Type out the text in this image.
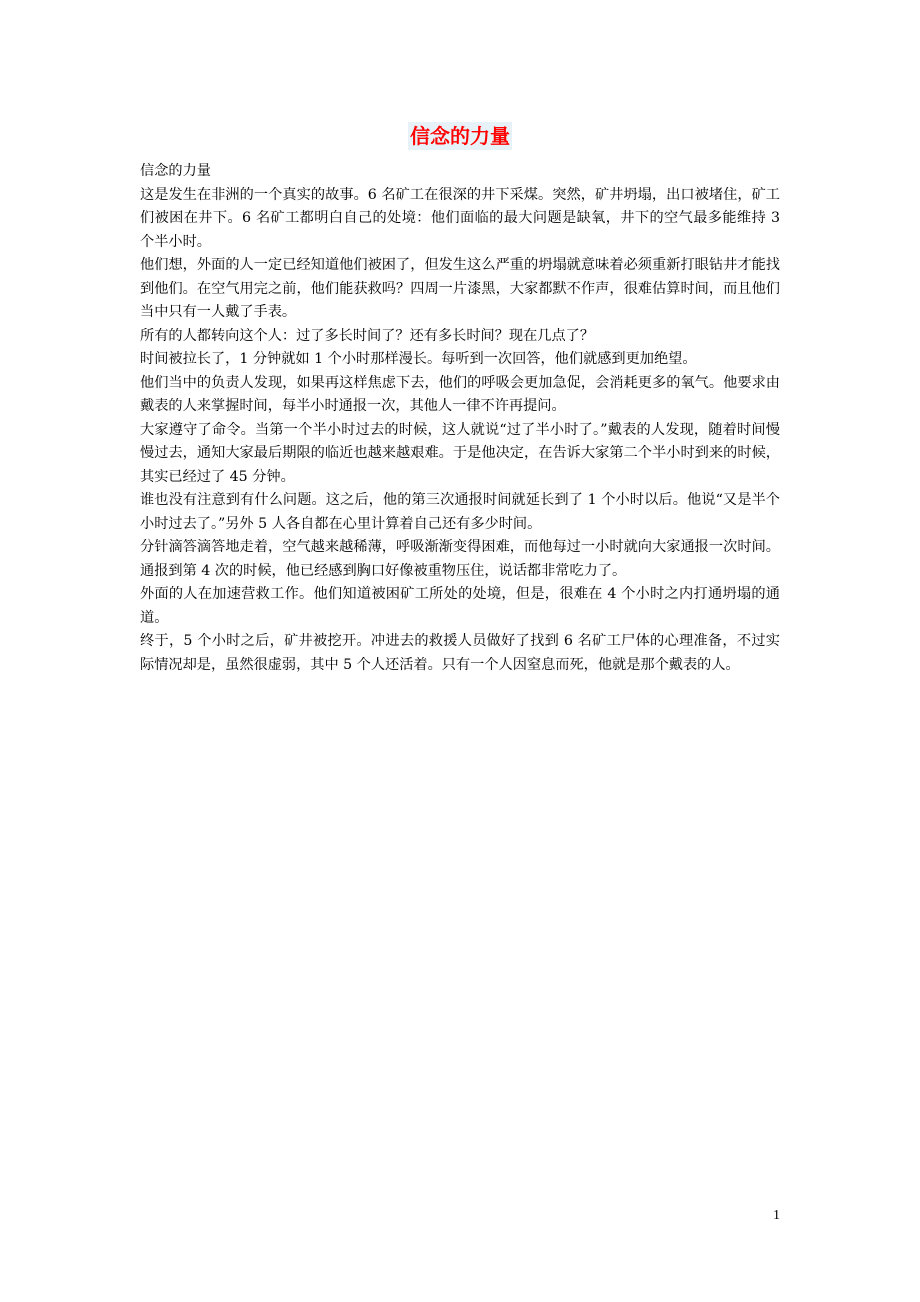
信念的力量

信念的力量

这是发生在非洲的一个真实的故事。6 名矿工在很深的井下采煤。突然，矿井坍塌，出口被堵住，矿工们被困在井下。6 名矿工都明白自己的处境：他们面临的最大问题是缺氧，井下的空气最多能维持 3 个半小时。

他们想，外面的人一定已经知道他们被困了，但发生这么严重的坍塌就意味着必须重新打眼钻井才能找到他们。在空气用完之前，他们能获救吗？四周一片漆黑，大家都默不作声，很难估算时间，而且他们当中只有一人戴了手表。

所有的人都转向这个人：过了多长时间了？还有多长时间？现在几点了？

时间被拉长了，1 分钟就如 1 个小时那样漫长。每听到一次回答，他们就感到更加绝望。

他们当中的负责人发现，如果再这样焦虑下去，他们的呼吸会更加急促，会消耗更多的氧气。他要求由戴表的人来掌握时间，每半小时通报一次，其他人一律不许再提问。

大家遵守了命令。当第一个半小时过去的时候，这人就说“过了半小时了。”戴表的人发现，随着时间慢慢过去，通知大家最后期限的临近也越来越艰难。于是他决定，在告诉大家第二个半小时到来的时候，其实已经过了 45 分钟。

谁也没有注意到有什么问题。这之后，他的第三次通报时间就延长到了 1 个小时以后。他说“又是半个小时过去了。”另外 5 人各自都在心里计算着自己还有多少时间。

分针滴答滴答地走着，空气越来越稀薄，呼吸渐渐变得困难，而他每过一小时就向大家通报一次时间。通报到第 4 次的时候，他已经感到胸口好像被重物压住，说话都非常吃力了。

外面的人在加速营救工作。他们知道被困矿工所处的处境，但是，很难在 4 个小时之内打通坍塌的通道。

终于，5 个小时之后，矿井被挖开。冲进去的救援人员做好了找到 6 名矿工尸体的心理准备，不过实际情况却是，虽然很虚弱，其中 5 个人还活着。只有一个人因窒息而死，他就是那个戴表的人。

1
